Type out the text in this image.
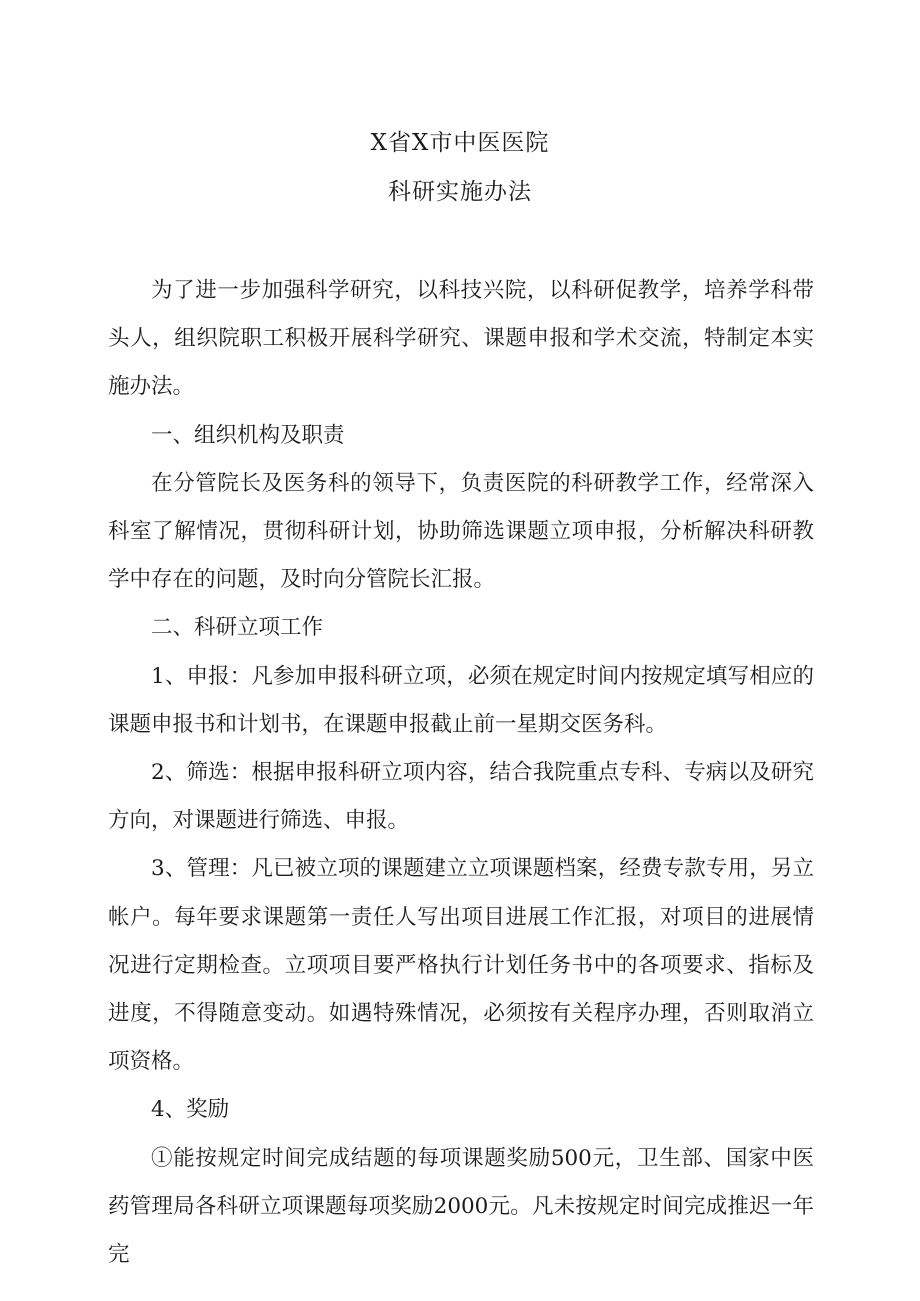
X省X市中医医院
科研实施办法

为了进一步加强科学研究，以科技兴院，以科研促教学，培养学科带头人，组织院职工积极开展科学研究、课题申报和学术交流，特制定本实施办法。

一、组织机构及职责

在分管院长及医务科的领导下，负责医院的科研教学工作，经常深入科室了解情况，贯彻科研计划，协助筛选课题立项申报，分析解决科研教学中存在的问题，及时向分管院长汇报。

二、科研立项工作

1、申报：凡参加申报科研立项，必须在规定时间内按规定填写相应的课题申报书和计划书，在课题申报截止前一星期交医务科。

2、筛选：根据申报科研立项内容，结合我院重点专科、专病以及研究方向，对课题进行筛选、申报。

3、管理：凡已被立项的课题建立立项课题档案，经费专款专用，另立帐户。每年要求课题第一责任人写出项目进展工作汇报，对项目的进展情况进行定期检查。立项项目要严格执行计划任务书中的各项要求、指标及进度，不得随意变动。如遇特殊情况，必须按有关程序办理，否则取消立项资格。

4、奖励

①能按规定时间完成结题的每项课题奖励500元，卫生部、国家中医药管理局各科研立项课题每项奖励2000元。凡未按规定时间完成推迟一年完
